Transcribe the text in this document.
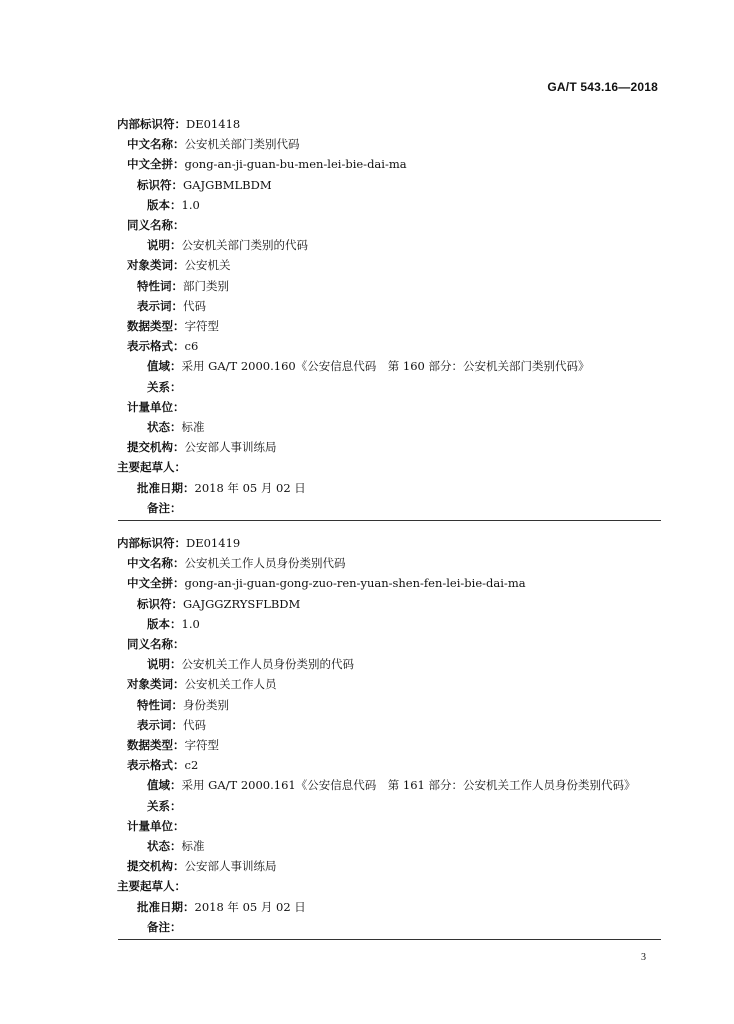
GA/T 543.16—2018
内部标识符：DE01418
中文名称：公安机关部门类别代码
中文全拼：gong-an-ji-guan-bu-men-lei-bie-dai-ma
标识符：GAJGBMLBDM
版本：1.0
同义名称：
说明：公安机关部门类别的代码
对象类词：公安机关
特性词：部门类别
表示词：代码
数据类型：字符型
表示格式：c6
值域：采用 GA/T 2000.160《公安信息代码　第 160 部分：公安机关部门类别代码》
关系：
计量单位：
状态：标准
提交机构：公安部人事训练局
主要起草人：
批准日期：2018 年 05 月 02 日
备注：
内部标识符：DE01419
中文名称：公安机关工作人员身份类别代码
中文全拼：gong-an-ji-guan-gong-zuo-ren-yuan-shen-fen-lei-bie-dai-ma
标识符：GAJGGZRYSFLBDM
版本：1.0
同义名称：
说明：公安机关工作人员身份类别的代码
对象类词：公安机关工作人员
特性词：身份类别
表示词：代码
数据类型：字符型
表示格式：c2
值域：采用 GA/T 2000.161《公安信息代码　第 161 部分：公安机关工作人员身份类别代码》
关系：
计量单位：
状态：标准
提交机构：公安部人事训练局
主要起草人：
批准日期：2018 年 05 月 02 日
备注：
3
